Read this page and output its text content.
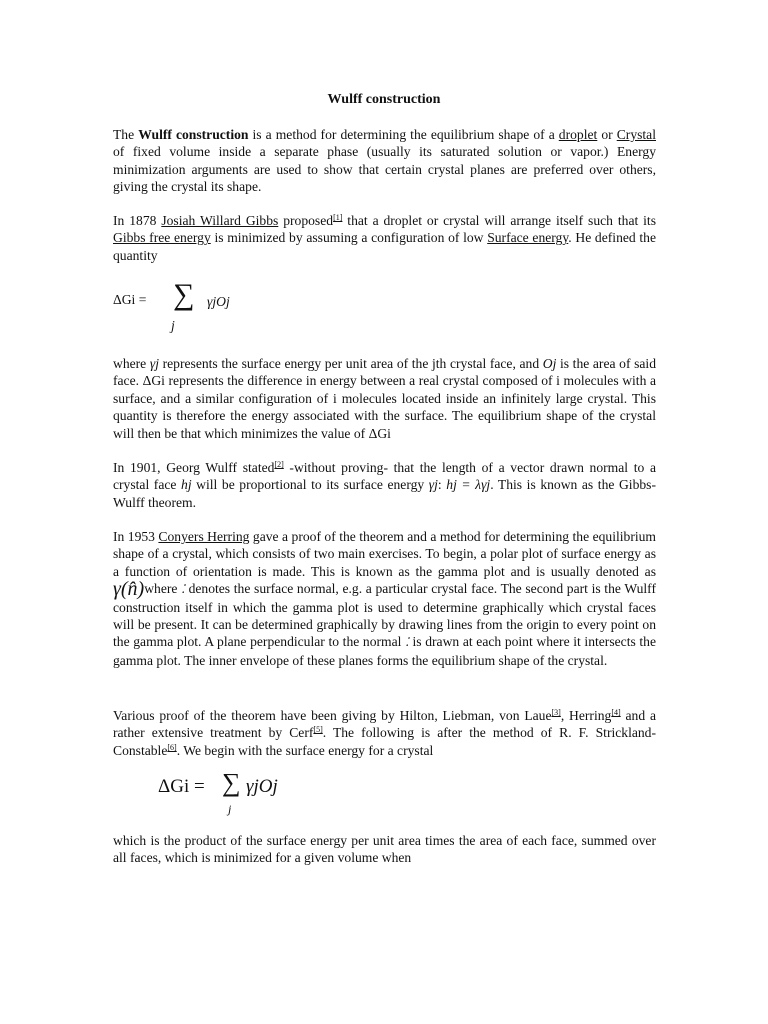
Wulff construction

The Wulff construction is a method for determining the equilibrium shape of a droplet or Crystal of fixed volume inside a separate phase (usually its saturated solution or vapor.) Energy minimization arguments are used to show that certain crystal planes are preferred over others, giving the crystal its shape.

In 1878 Josiah Willard Gibbs proposed[1] that a droplet or crystal will arrange itself such that its Gibbs free energy is minimized by assuming a configuration of low Surface energy. He defined the quantity

ΔGi = ∑
j
γjOj

where γj represents the surface energy per unit area of the jth crystal face, and Oj is the area of said face. ΔGi represents the difference in energy between a real crystal composed of i molecules with a surface, and a similar configuration of i molecules located inside an infinitely large crystal. This quantity is therefore the energy associated with the surface. The equilibrium shape of the crystal will then be that which minimizes the value of ΔGi

In 1901, Georg Wulff stated[2] -without proving- that the length of a vector drawn normal to a crystal face hj will be proportional to its surface energy γj: hj = λγj. This is known as the Gibbs-Wulff theorem.

In 1953 Conyers Herring gave a proof of the theorem and a method for determining the equilibrium shape of a crystal, which consists of two main exercises. To begin, a polar plot of surface energy as a function of orientation is made. This is known as the gamma plot and is usually denoted as γ(n̂)where ⁚ denotes the surface normal, e.g. a particular crystal face. The second part is the Wulff construction itself in which the gamma plot is used to determine graphically which crystal faces will be present. It can be determined graphically by drawing lines from the origin to every point on the gamma plot. A plane perpendicular to the normal ⁚ is drawn at each point where it intersects the gamma plot. The inner envelope of these planes forms the equilibrium shape of the crystal.

Various proof of the theorem have been giving by Hilton, Liebman, von Laue[3], Herring[4] and a rather extensive treatment by Cerf[5]. The following is after the method of R. F. Strickland-Constable[6]. We begin with the surface energy for a crystal

ΔGi = ∑
j
γjOj

which is the product of the surface energy per unit area times the area of each face, summed over all faces, which is minimized for a given volume when
